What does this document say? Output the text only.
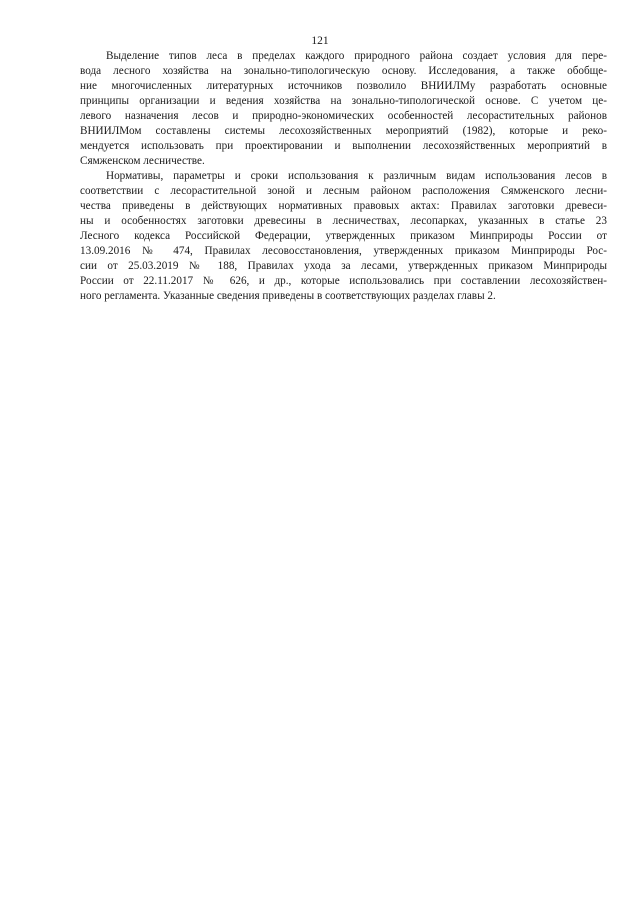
121

Выделение типов леса в пределах каждого природного района создает условия для пере-
вода лесного хозяйства на зонально-типологическую основу. Исследования, а также обобще-
ние многочисленных литературных источников позволило ВНИИЛМу разработать основные
принципы организации и ведения хозяйства на зонально-типологической основе. С учетом це-
левого назначения лесов и природно-экономических особенностей лесорастительных районов
ВНИИЛМом составлены системы лесохозяйственных мероприятий (1982), которые и реко-
мендуется использовать при проектировании и выполнении лесохозяйственных мероприятий в
Сямженском лесничестве.

Нормативы, параметры и сроки использования к различным видам использования лесов в
соответствии с лесорастительной зоной и лесным районом расположения Сямженского лесни-
чества приведены в действующих нормативных правовых актах: Правилах заготовки древеси-
ны и особенностях заготовки древесины в лесничествах, лесопарках, указанных в статье 23
Лесного кодекса Российской Федерации, утвержденных приказом Минприроды России от
13.09.2016 № 474, Правилах лесовосстановления, утвержденных приказом Минприроды Рос-
сии от 25.03.2019 № 188, Правилах ухода за лесами, утвержденных приказом Минприроды
России от 22.11.2017 № 626, и др., которые использовались при составлении лесохозяйствен-
ного регламента. Указанные сведения приведены в соответствующих разделах главы 2.
